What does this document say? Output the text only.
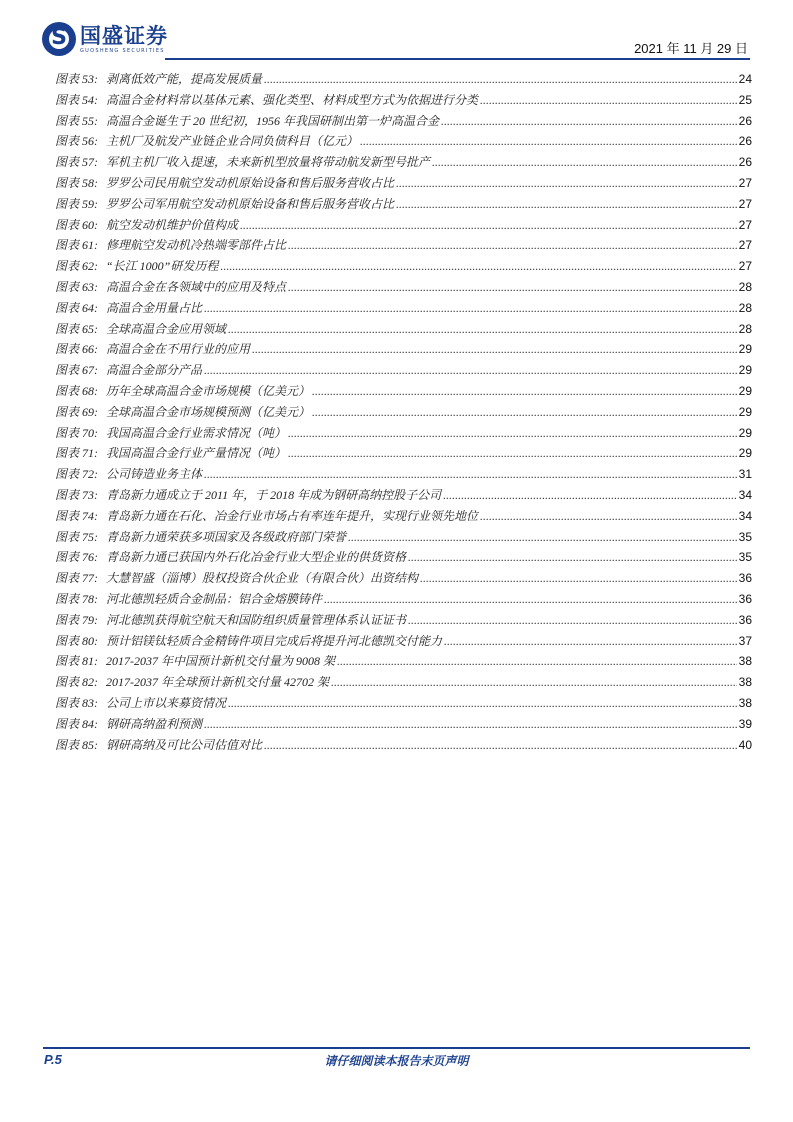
S
国盛证券
GUOSHENG SECURITIES	2021 年 11 月 29 日
图表 53: 剥离低效产能，提高发展质量 .....	24
图表 54: 高温合金材料常以基体元素、强化类型、材料成型方式为依据进行分类 .....	25
图表 55: 高温合金诞生于 20 世纪初，1956 年我国研制出第一炉高温合金 .....	26
图表 56: 主机厂及航发产业链企业合同负债科目（亿元） .....	26
图表 57: 军机主机厂收入提速，未来新机型放量将带动航发新型号批产 .....	26
图表 58: 罗罗公司民用航空发动机原始设备和售后服务营收占比 .....	27
图表 59: 罗罗公司军用航空发动机原始设备和售后服务营收占比 .....	27
图表 60: 航空发动机维护价值构成 .....	27
图表 61: 修理航空发动机冷热端零部件占比 .....	27
图表 62: “长江 1000”研发历程 .....	27
图表 63: 高温合金在各领域中的应用及特点 .....	28
图表 64: 高温合金用量占比 .....	28
图表 65: 全球高温合金应用领域 .....	28
图表 66: 高温合金在不用行业的应用 .....	29
图表 67: 高温合金部分产品 .....	29
图表 68: 历年全球高温合金市场规模（亿美元） .....	29
图表 69: 全球高温合金市场规模预测（亿美元） .....	29
图表 70: 我国高温合金行业需求情况（吨） .....	29
图表 71: 我国高温合金行业产量情况（吨） .....	29
图表 72: 公司铸造业务主体 .....	31
图表 73: 青岛新力通成立于 2011 年，于 2018 年成为钢研高纳控股子公司 .....	34
图表 74: 青岛新力通在石化、冶金行业市场占有率连年提升，实现行业领先地位 .....	34
图表 75: 青岛新力通荣获多项国家及各级政府部门荣誉 .....	35
图表 76: 青岛新力通已获国内外石化冶金行业大型企业的供货资格 .....	35
图表 77: 大慧智盛（淄博）股权投资合伙企业（有限合伙）出资结构 .....	36
图表 78: 河北德凯轻质合金制品：铝合金熔膜铸件 .....	36
图表 79: 河北德凯获得航空航天和国防组织质量管理体系认证证书 .....	36
图表 80: 预计铝镁钛轻质合金精铸件项目完成后将提升河北德凯交付能力 .....	37
图表 81: 2017-2037 年中国预计新机交付量为 9008 架 .....	38
图表 82: 2017-2037 年全球预计新机交付量 42702 架 .....	38
图表 83: 公司上市以来募资情况 .....	38
图表 84: 钢研高纳盈利预测 .....	39
图表 85: 钢研高纳及可比公司估值对比 .....	40
P.5	请仔细阅读本报告末页声明
